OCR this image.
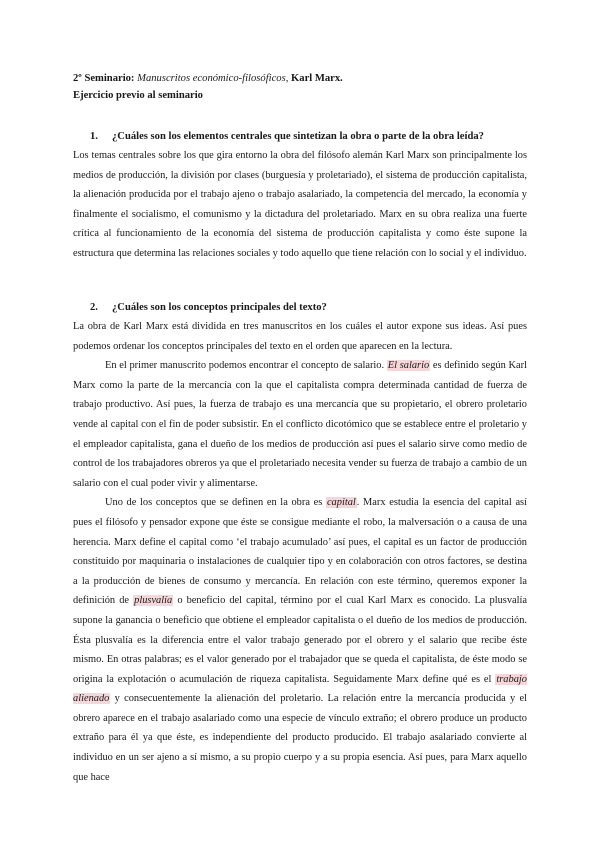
2º Seminario: Manuscritos económico-filosóficos, Karl Marx.
Ejercicio previo al seminario
1. ¿Cuáles son los elementos centrales que sintetizan la obra o parte de la obra leída?
Los temas centrales sobre los que gira entorno la obra del filósofo alemán Karl Marx son principalmente los medios de producción, la división por clases (burguesía y proletariado), el sistema de producción capitalista, la alienación producida por el trabajo ajeno o trabajo asalariado, la competencia del mercado, la economía y finalmente el socialismo, el comunismo y la dictadura del proletariado. Marx en su obra realiza una fuerte crítica al funcionamiento de la economía del sistema de producción capitalista y como éste supone la estructura que determina las relaciones sociales y todo aquello que tiene relación con lo social y el individuo.
2. ¿Cuáles son los conceptos principales del texto?
La obra de Karl Marx está dividida en tres manuscritos en los cuáles el autor expone sus ideas. Así pues podemos ordenar los conceptos principales del texto en el orden que aparecen en la lectura.
En el primer manuscrito podemos encontrar el concepto de salario. El salario es definido según Karl Marx como la parte de la mercancía con la que el capitalista compra determinada cantidad de fuerza de trabajo productivo. Así pues, la fuerza de trabajo es una mercancía que su propietario, el obrero proletario vende al capital con el fin de poder subsistir. En el conflicto dicotómico que se establece entre el proletario y el empleador capitalista, gana el dueño de los medios de producción así pues el salario sirve como medio de control de los trabajadores obreros ya que el proletariado necesita vender su fuerza de trabajo a cambio de un salario con el cual poder vivir y alimentarse.
Uno de los conceptos que se definen en la obra es capital. Marx estudia la esencia del capital así pues el filósofo y pensador expone que éste se consigue mediante el robo, la malversación o a causa de una herencia. Marx define el capital como ‘el trabajo acumulado’ así pues, el capital es un factor de producción constituido por maquinaria o instalaciones de cualquier tipo y en colaboración con otros factores, se destina a la producción de bienes de consumo y mercancía. En relación con este término, queremos exponer la definición de plusvalía o beneficio del capital, término por el cual Karl Marx es conocido. La plusvalía supone la ganancia o beneficio que obtiene el empleador capitalista o el dueño de los medios de producción. Ésta plusvalía es la diferencia entre el valor trabajo generado por el obrero y el salario que recibe éste mismo. En otras palabras; es el valor generado por el trabajador que se queda el capitalista, de éste modo se origina la explotación o acumulación de riqueza capitalista. Seguidamente Marx define qué es el trabajo alienado y consecuentemente la alienación del proletario. La relación entre la mercancía producida y el obrero aparece en el trabajo asalariado como una especie de vínculo extraño; el obrero produce un producto extraño para él ya que éste, es independiente del producto producido. El trabajo asalariado convierte al individuo en un ser ajeno a sí mismo, a su propio cuerpo y a su propia esencia. Así pues, para Marx aquello que hace
